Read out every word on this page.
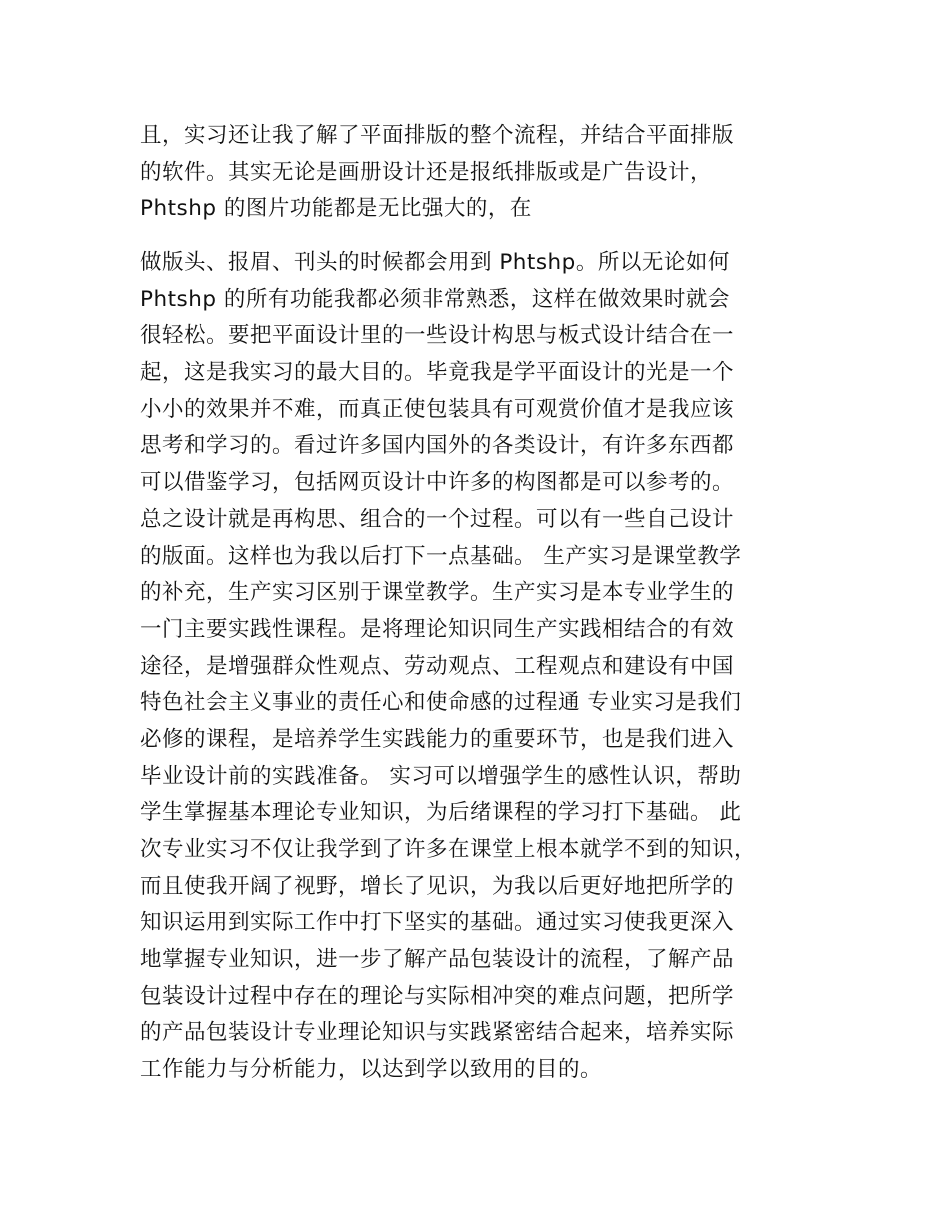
且，实习还让我了解了平面排版的整个流程，并结合平面排版
的软件。其实无论是画册设计还是报纸排版或是广告设计，
Phtshp 的图片功能都是无比强大的，在
做版头、报眉、刊头的时候都会用到 Phtshp。所以无论如何
Phtshp 的所有功能我都必须非常熟悉，这样在做效果时就会
很轻松。要把平面设计里的一些设计构思与板式设计结合在一
起，这是我实习的最大目的。毕竟我是学平面设计的光是一个
小小的效果并不难，而真正使包装具有可观赏价值才是我应该
思考和学习的。看过许多国内国外的各类设计，有许多东西都
可以借鉴学习，包括网页设计中许多的构图都是可以参考的。
总之设计就是再构思、组合的一个过程。可以有一些自己设计
的版面。这样也为我以后打下一点基础。 生产实习是课堂教学
的补充，生产实习区别于课堂教学。生产实习是本专业学生的
一门主要实践性课程。是将理论知识同生产实践相结合的有效
途径，是增强群众性观点、劳动观点、工程观点和建设有中国
特色社会主义事业的责任心和使命感的过程通 专业实习是我们
必修的课程，是培养学生实践能力的重要环节，也是我们进入
毕业设计前的实践准备。 实习可以增强学生的感性认识，帮助
学生掌握基本理论专业知识，为后绪课程的学习打下基础。 此
次专业实习不仅让我学到了许多在课堂上根本就学不到的知识，
而且使我开阔了视野，增长了见识，为我以后更好地把所学的
知识运用到实际工作中打下坚实的基础。通过实习使我更深入
地掌握专业知识，进一步了解产品包装设计的流程，了解产品
包装设计过程中存在的理论与实际相冲突的难点问题，把所学
的产品包装设计专业理论知识与实践紧密结合起来，培养实际
工作能力与分析能力，以达到学以致用的目的。
